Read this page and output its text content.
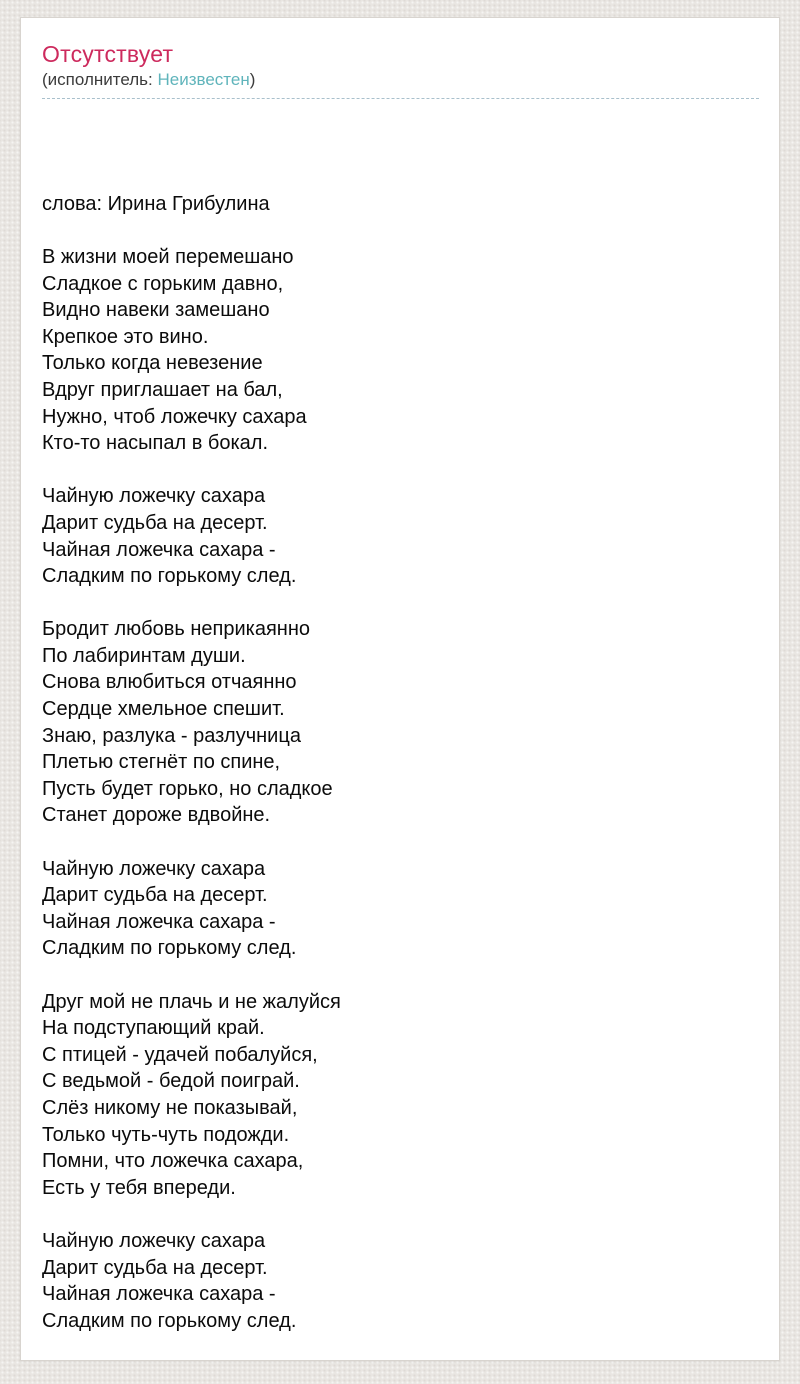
Отсутствует
(исполнитель: Неизвестен)

слова: Ирина Грибулина

В жизни моей перемешано
Сладкое с горьким давно,
Видно навеки замешано
Крепкое это вино.
Только когда невезение
Вдруг приглашает на бал,
Нужно, чтоб ложечку сахара
Кто-то насыпал в бокал.

Чайную ложечку сахара
Дарит судьба на десерт.
Чайная ложечка сахара -
Сладким по горькому след.

Бродит любовь неприкаянно
По лабиринтам души.
Снова влюбиться отчаянно
Сердце хмельное спешит.
Знаю, разлука - разлучница
Плетью стегнёт по спине,
Пусть будет горько, но сладкое
Станет дороже вдвойне.

Чайную ложечку сахара
Дарит судьба на десерт.
Чайная ложечка сахара -
Сладким по горькому след.

Друг мой не плачь и не жалуйся
На подступающий край.
С птицей - удачей побалуйся,
С ведьмой - бедой поиграй.
Слёз никому не показывай,
Только чуть-чуть подожди.
Помни, что ложечка сахара,
Есть у тебя впереди.

Чайную ложечку сахара
Дарит судьба на десерт.
Чайная ложечка сахара -
Сладким по горькому след.
